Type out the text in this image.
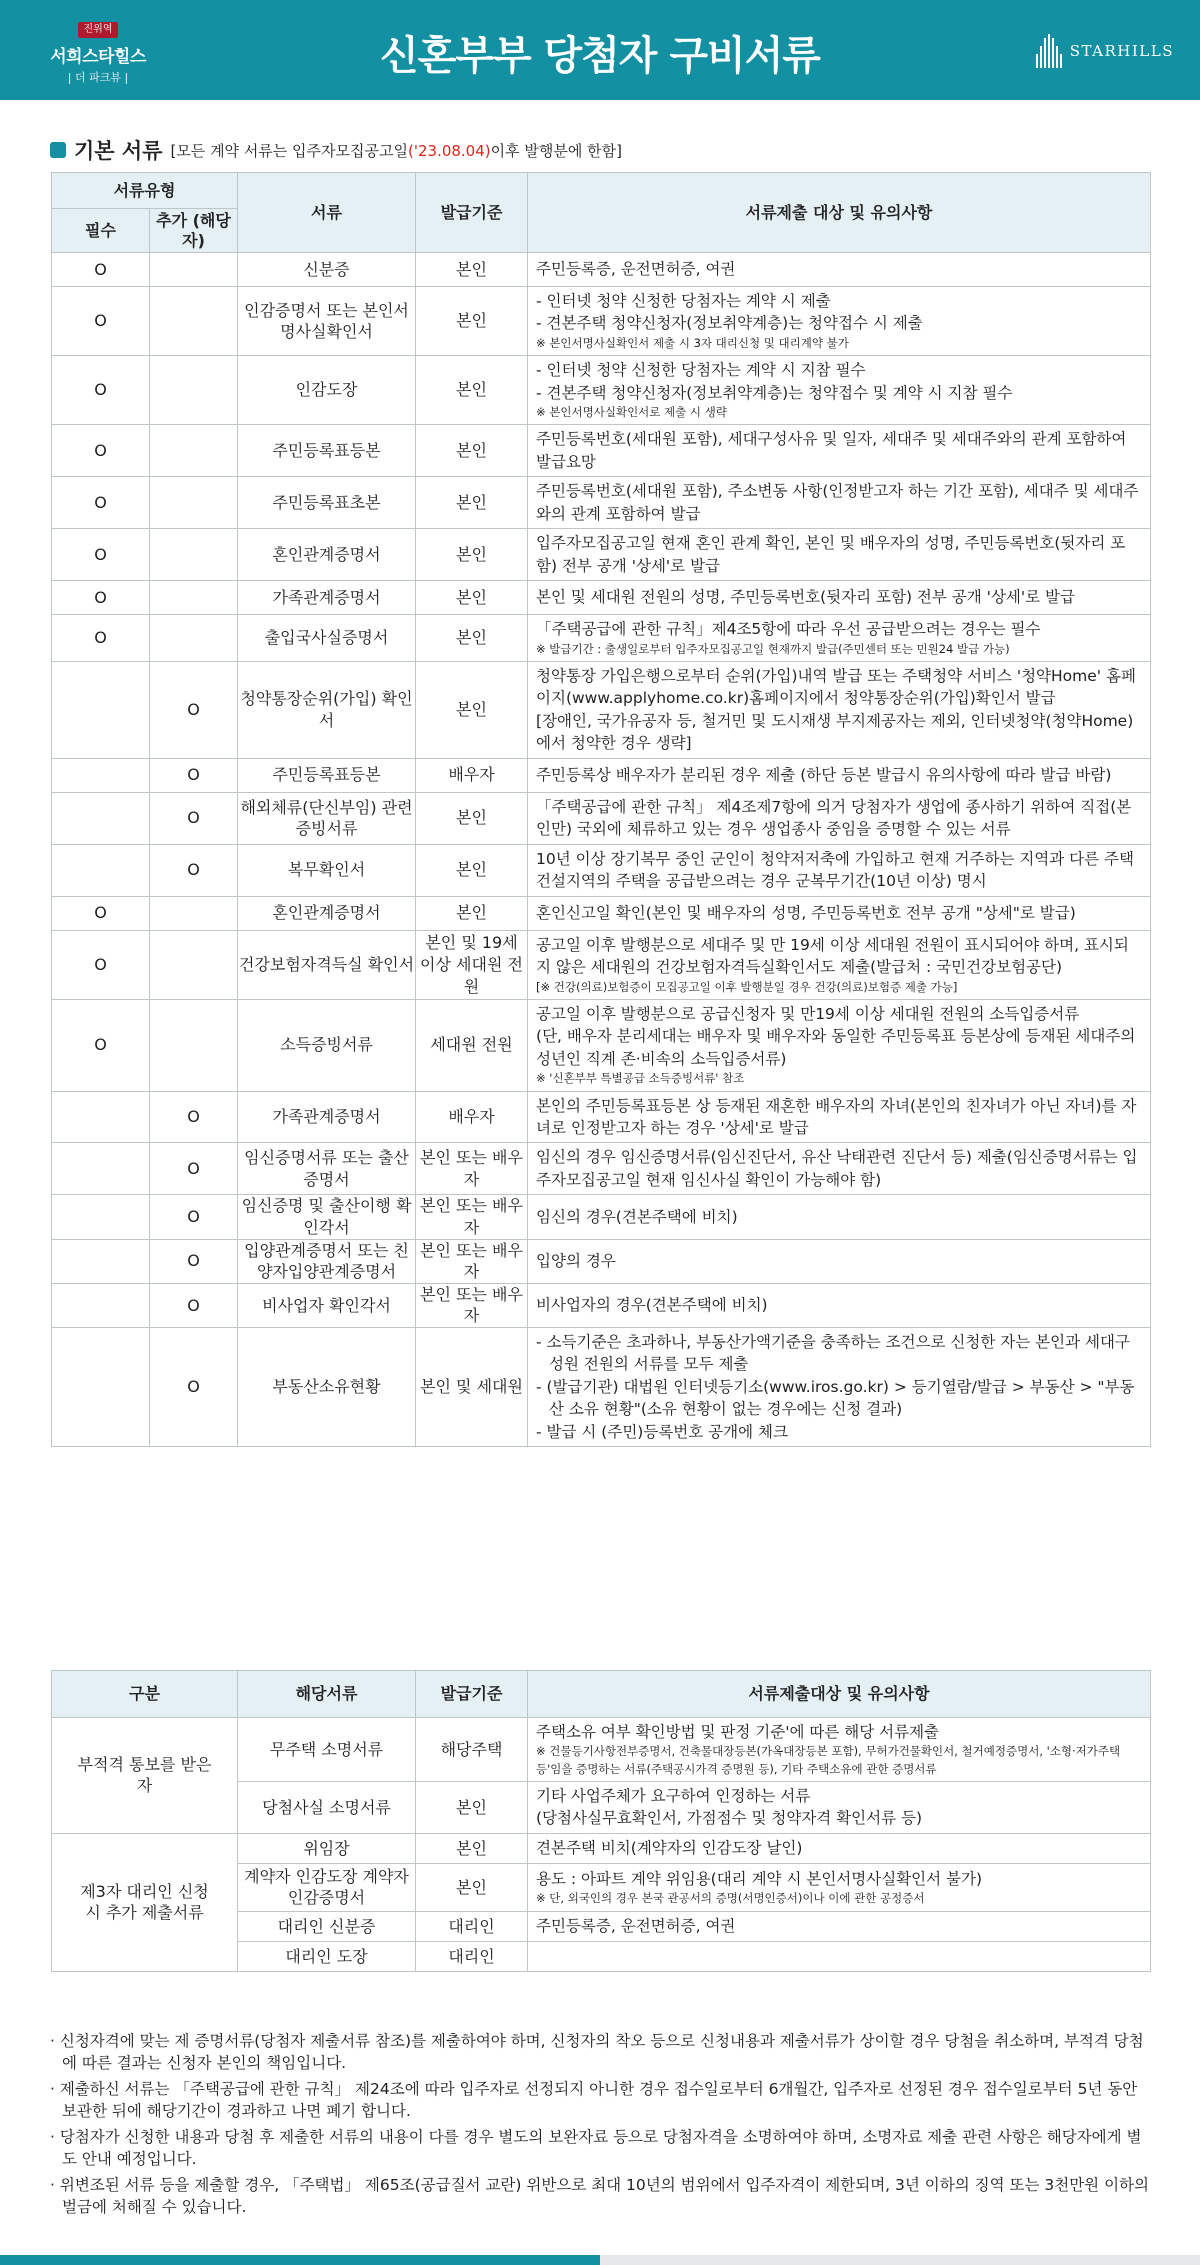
진위역
서희스타힐스
| 더 파크뷰 |	신혼부부 당첨자 구비서류	STARHILLS
기본 서류 [모든 계약 서류는 입주자모집공고일('23.08.04)이후 발행분에 한함]
서류유형		서류	발급기준	서류제출 대상 및 유의사항
필수	추가 (해당자)			
O		신분증	본인	주민등록증, 운전면허증, 여권

O		인감증명서 또는 본인서명사실확인서	본인	- 인터넷 청약 신청한 당첨자는 계약 시 제출
- 견본주택 청약신청자(정보취약계층)는 청약접수 시 제출
※ 본인서명사실확인서 제출 시 3자 대리신청 및 대리계약 불가

O		인감도장	본인	- 인터넷 청약 신청한 당첨자는 계약 시 지참 필수
- 견본주택 청약신청자(정보취약계층)는 청약접수 및 계약 시 지참 필수
※ 본인서명사실확인서로 제출 시 생략

O		주민등록표등본	본인	주민등록번호(세대원 포함), 세대구성사유 및 일자, 세대주 및 세대주와의 관계 포함하여 발급요망

O		주민등록표초본	본인	주민등록번호(세대원 포함), 주소변동 사항(인정받고자 하는 기간 포함), 세대주 및 세대주와의 관계 포함하여 발급

O		혼인관계증명서	본인	입주자모집공고일 현재 혼인 관계 확인, 본인 및 배우자의 성명, 주민등록번호(뒷자리 포함) 전부 공개 '상세'로 발급

O		가족관계증명서	본인	본인 및 세대원 전원의 성명, 주민등록번호(뒷자리 포함) 전부 공개 '상세'로 발급

O		출입국사실증명서	본인	「주택공급에 관한 규칙」제4조5항에 따라 우선 공급받으려는 경우는 필수
※ 발급기간 : 출생일로부터 입주자모집공고일 현재까지 발급(주민센터 또는 민원24 발급 가능)

	O	청약통장순위(가입) 확인서	본인	청약통장 가입은행으로부터 순위(가입)내역 발급 또는 주택청약 서비스 '청약Home' 홈페이지(www.applyhome.co.kr)홈페이지에서 청약통장순위(가입)확인서 발급
[장애인, 국가유공자 등, 철거민 및 도시재생 부지제공자는 제외, 인터넷청약(청약Home)에서 청약한 경우 생략]

	O	주민등록표등본	배우자	주민등록상 배우자가 분리된 경우 제출 (하단 등본 발급시 유의사항에 따라 발급 바람)

	O	해외체류(단신부임) 관련 증빙서류	본인	「주택공급에 관한 규칙」 제4조제7항에 의거 당첨자가 생업에 종사하기 위하여 직접(본인만) 국외에 체류하고 있는 경우 생업종사 중임을 증명할 수 있는 서류

	O	복무확인서	본인	10년 이상 장기복무 중인 군인이 청약저저축에 가입하고 현재 거주하는 지역과 다른 주택건설지역의 주택을 공급받으려는 경우 군복무기간(10년 이상) 명시

O		혼인관계증명서	본인	혼인신고일 확인(본인 및 배우자의 성명, 주민등록번호 전부 공개 "상세"로 발급)

O		건강보험자격득실 확인서	본인 및 19세 이상 세대원 전원	공고일 이후 발행분으로 세대주 및 만 19세 이상 세대원 전원이 표시되어야 하며, 표시되지 않은 세대원의 건강보험자격득실확인서도 제출(발급처 : 국민건강보험공단)
[※ 건강(의료)보험증이 모집공고일 이후 발행분일 경우 건강(의료)보험증 제출 가능]

O		소득증빙서류	세대원 전원	공고일 이후 발행분으로 공급신청자 및 만19세 이상 세대원 전원의 소득입증서류
(단, 배우자 분리세대는 배우자 및 배우자와 동일한 주민등록표 등본상에 등재된 세대주의 성년인 직계 존·비속의 소득입증서류)
※ '신혼부부 특별공급 소득증빙서류' 참조

	O	가족관계증명서	배우자	본인의 주민등록표등본 상 등재된 재혼한 배우자의 자녀(본인의 친자녀가 아닌 자녀)를 자녀로 인정받고자 하는 경우 '상세'로 발급

	O	임신증명서류 또는 출산증명서	본인 또는 배우자	임신의 경우 임신증명서류(임신진단서, 유산 낙태관련 진단서 등) 제출(임신증명서류는 입주자모집공고일 현재 임신사실 확인이 가능해야 함)

	O	임신증명 및 출산이행 확인각서	본인 또는 배우자	임신의 경우(견본주택에 비치)

	O	입양관계증명서 또는 친양자입양관계증명서	본인 또는 배우자	입양의 경우

	O	비사업자 확인각서	본인 또는 배우자	비사업자의 경우(견본주택에 비치)

	O	부동산소유현황	본인 및 세대원	- 소득기준은 초과하나, 부동산가액기준을 충족하는 조건으로 신청한 자는 본인과 세대구성원 전원의 서류를 모두 제출
- (발급기관) 대법원 인터넷등기소(www.iros.go.kr) > 등기열람/발급 > 부동산 > "부동산 소유 현황"(소유 현황이 없는 경우에는 신청 결과)
- 발급 시 (주민)등록번호 공개에 체크
구분	해당서류	발급기준	서류제출대상 및 유의사항
부적격 통보를 받은자	무주택 소명서류	해당주택	주택소유 여부 확인방법 및 판정 기준'에 따른 해당 서류제출
※ 건물등기사항전부증명서, 건축물대장등본(가옥대장등본 포함), 무허가건물확인서, 철거예정증명서, '소형·저가주택등'임을 증명하는 서류(주택공시가격 증명원 등), 기타 주택소유에 관한 증명서류

	당첨사실 소명서류	본인	기타 사업주체가 요구하여 인정하는 서류
(당첨사실무효확인서, 가점점수 및 청약자격 확인서류 등)

제3자 대리인 신청시 추가 제출서류	위임장	본인	견본주택 비치(계약자의 인감도장 날인)

	계약자 인감도장 계약자 인감증명서	본인	용도 : 아파트 계약 위임용(대리 계약 시 본인서명사실확인서 불가)
※ 단, 외국인의 경우 본국 관공서의 증명(서명인증서)이나 이에 관한 공정증서

	대리인 신분증	대리인	주민등록증, 운전면허증, 여권

	대리인 도장	대리인	
· 신청자격에 맞는 제 증명서류(당첨자 제출서류 참조)를 제출하여야 하며, 신청자의 착오 등으로 신청내용과 제출서류가 상이할 경우 당첨을 취소하며, 부적격 당첨에 따른 결과는 신청자 본인의 책임입니다.
· 제출하신 서류는 「주택공급에 관한 규칙」 제24조에 따라 입주자로 선정되지 아니한 경우 접수일로부터 6개월간, 입주자로 선정된 경우 접수일로부터 5년 동안 보관한 뒤에 해당기간이 경과하고 나면 폐기 합니다.
· 당첨자가 신청한 내용과 당첨 후 제출한 서류의 내용이 다를 경우 별도의 보완자료 등으로 당첨자격을 소명하여야 하며, 소명자료 제출 관련 사항은 해당자에게 별도 안내 예정입니다.
· 위변조된 서류 등을 제출할 경우, 「주택법」 제65조(공급질서 교란) 위반으로 최대 10년의 범위에서 입주자격이 제한되며, 3년 이하의 징역 또는 3천만원 이하의 벌금에 처해질 수 있습니다.
